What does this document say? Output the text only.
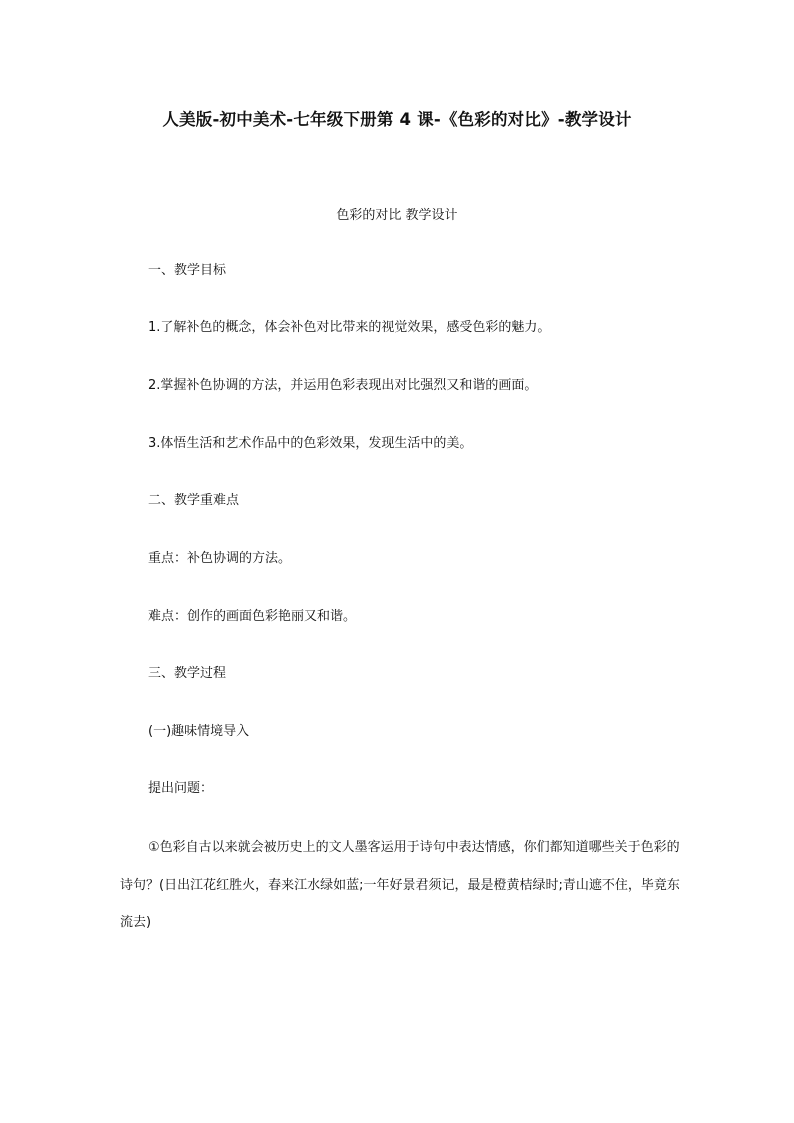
人美版-初中美术-七年级下册第 4 课-《色彩的对比》-教学设计
色彩的对比 教学设计
一、教学目标
1.了解补色的概念，体会补色对比带来的视觉效果，感受色彩的魅力。
2.掌握补色协调的方法，并运用色彩表现出对比强烈又和谐的画面。
3.体悟生活和艺术作品中的色彩效果，发现生活中的美。
二、教学重难点
重点：补色协调的方法。
难点：创作的画面色彩艳丽又和谐。
三、教学过程
(一)趣味情境导入
提出问题：

①色彩自古以来就会被历史上的文人墨客运用于诗句中表达情感，你们都知道哪些关于色彩的诗句？(日出江花红胜火，春来江水绿如蓝;一年好景君须记，最是橙黄桔绿时;青山遮不住，毕竟东流去)
